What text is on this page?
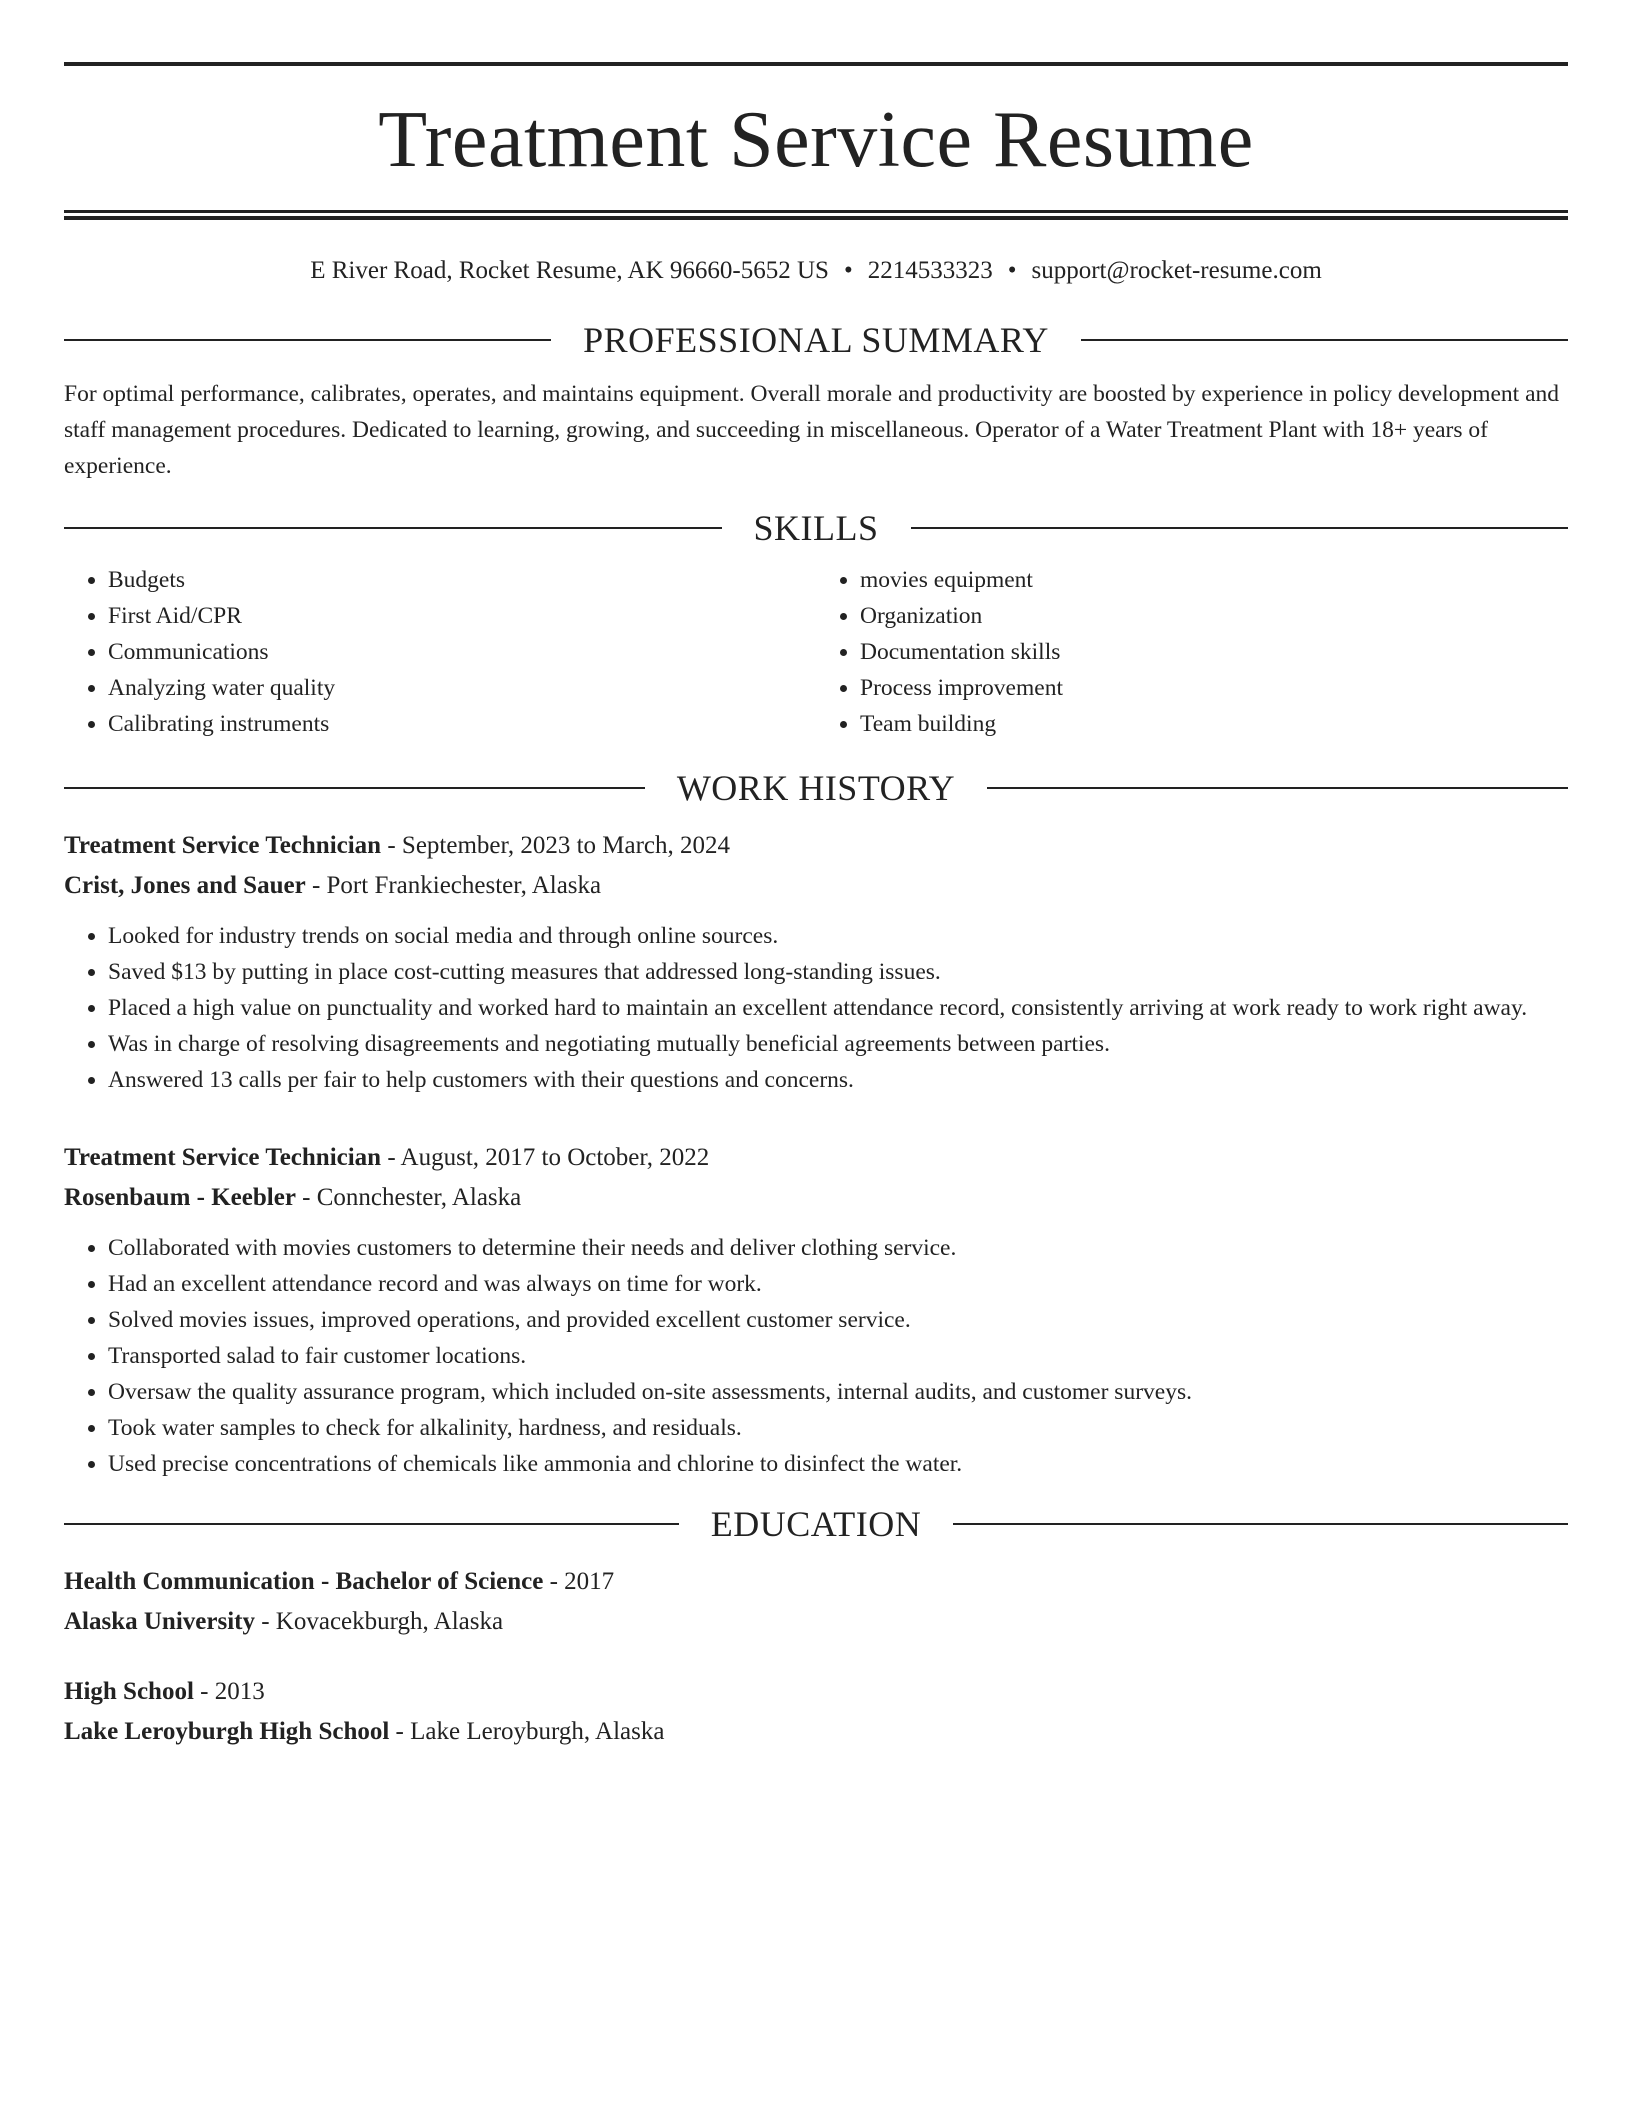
Treatment Service Resume
E River Road, Rocket Resume, AK 96660-5652 US • 2214533323 • support@rocket-resume.com
PROFESSIONAL SUMMARY

For optimal performance, calibrates, operates, and maintains equipment. Overall morale and productivity are boosted by experience in policy development and staff management procedures. Dedicated to learning, growing, and succeeding in miscellaneous. Operator of a Water Treatment Plant with 18+ years of experience.

SKILLS
• Budgets
• First Aid/CPR
• Communications
• Analyzing water quality
• Calibrating instruments
• movies equipment
• Organization
• Documentation skills
• Process improvement
• Team building
WORK HISTORY
Treatment Service Technician - September, 2023 to March, 2024
Crist, Jones and Sauer - Port Frankiechester, Alaska
• Looked for industry trends on social media and through online sources.
• Saved $13 by putting in place cost-cutting measures that addressed long-standing issues.
• Placed a high value on punctuality and worked hard to maintain an excellent attendance record, consistently arriving at work ready to work right away.
• Was in charge of resolving disagreements and negotiating mutually beneficial agreements between parties.
• Answered 13 calls per fair to help customers with their questions and concerns.
Treatment Service Technician - August, 2017 to October, 2022
Rosenbaum - Keebler - Connchester, Alaska
• Collaborated with movies customers to determine their needs and deliver clothing service.
• Had an excellent attendance record and was always on time for work.
• Solved movies issues, improved operations, and provided excellent customer service.
• Transported salad to fair customer locations.
• Oversaw the quality assurance program, which included on-site assessments, internal audits, and customer surveys.
• Took water samples to check for alkalinity, hardness, and residuals.
• Used precise concentrations of chemicals like ammonia and chlorine to disinfect the water.
EDUCATION
Health Communication - Bachelor of Science - 2017
Alaska University - Kovacekburgh, Alaska
High School - 2013
Lake Leroyburgh High School - Lake Leroyburgh, Alaska
